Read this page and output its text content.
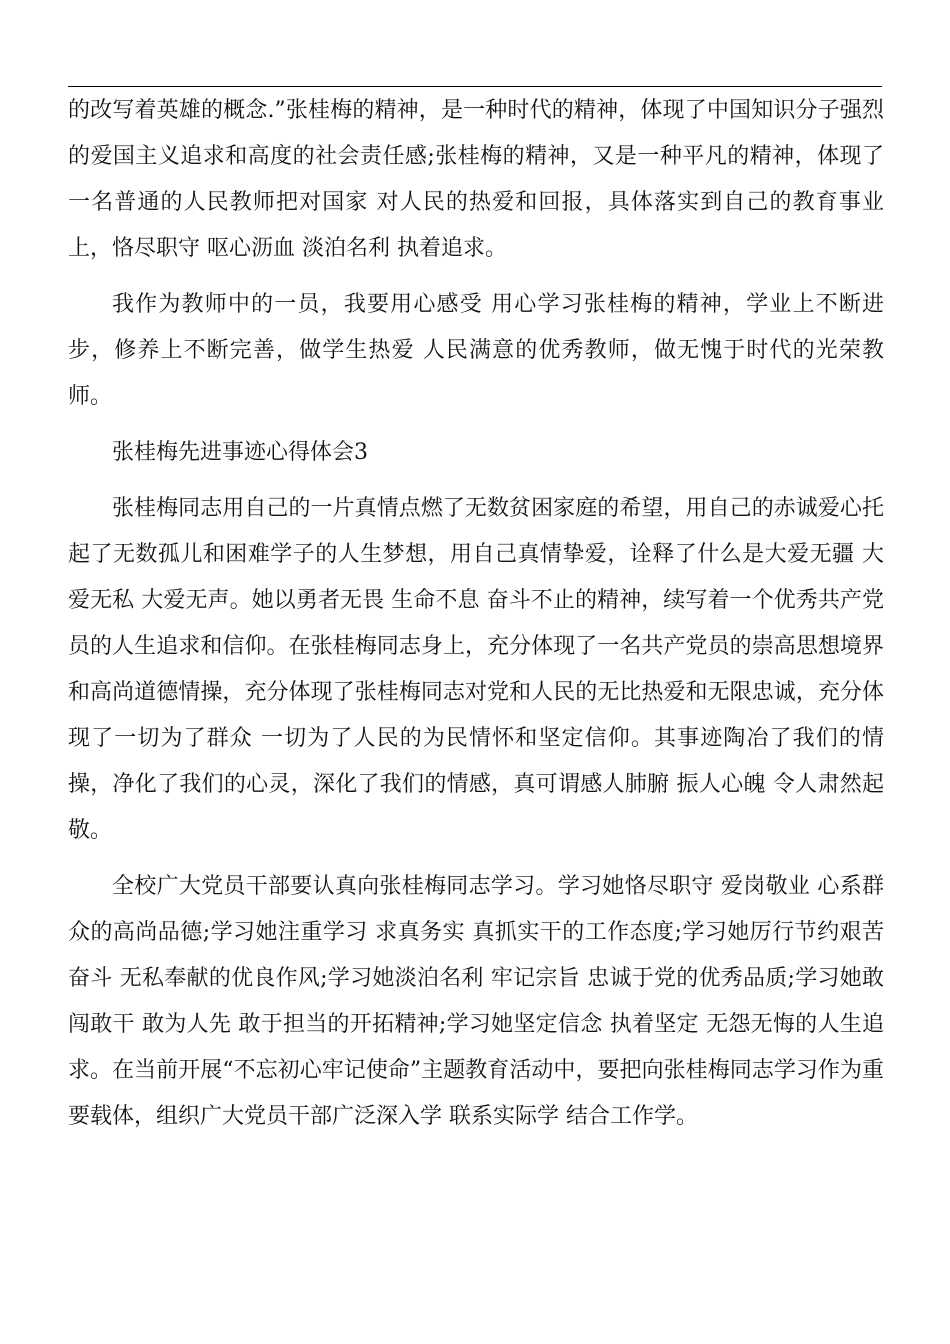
的改写着英雄的概念.”张桂梅的精神，是一种时代的精神，体现了中国知识分子强烈的爱国主义追求和高度的社会责任感;张桂梅的精神，又是一种平凡的精神，体现了一名普通的人民教师把对国家 对人民的热爱和回报，具体落实到自己的教育事业上，恪尽职守 呕心沥血 淡泊名利 执着追求。

我作为教师中的一员，我要用心感受 用心学习张桂梅的精神，学业上不断进步，修养上不断完善，做学生热爱 人民满意的优秀教师，做无愧于时代的光荣教师。

张桂梅先进事迹心得体会3

张桂梅同志用自己的一片真情点燃了无数贫困家庭的希望，用自己的赤诚爱心托起了无数孤儿和困难学子的人生梦想，用自己真情挚爱，诠释了什么是大爱无疆 大爱无私 大爱无声。她以勇者无畏 生命不息 奋斗不止的精神，续写着一个优秀共产党员的人生追求和信仰。在张桂梅同志身上，充分体现了一名共产党员的崇高思想境界和高尚道德情操，充分体现了张桂梅同志对党和人民的无比热爱和无限忠诚，充分体现了一切为了群众 一切为了人民的为民情怀和坚定信仰。其事迹陶冶了我们的情操，净化了我们的心灵，深化了我们的情感，真可谓感人肺腑 振人心魄 令人肃然起敬。

全校广大党员干部要认真向张桂梅同志学习。学习她恪尽职守 爱岗敬业 心系群众的高尚品德;学习她注重学习 求真务实 真抓实干的工作态度;学习她厉行节约艰苦奋斗 无私奉献的优良作风;学习她淡泊名利 牢记宗旨 忠诚于党的优秀品质;学习她敢闯敢干 敢为人先 敢于担当的开拓精神;学习她坚定信念 执着坚定 无怨无悔的人生追求。在当前开展“不忘初心牢记使命”主题教育活动中，要把向张桂梅同志学习作为重要载体，组织广大党员干部广泛深入学 联系实际学 结合工作学。
